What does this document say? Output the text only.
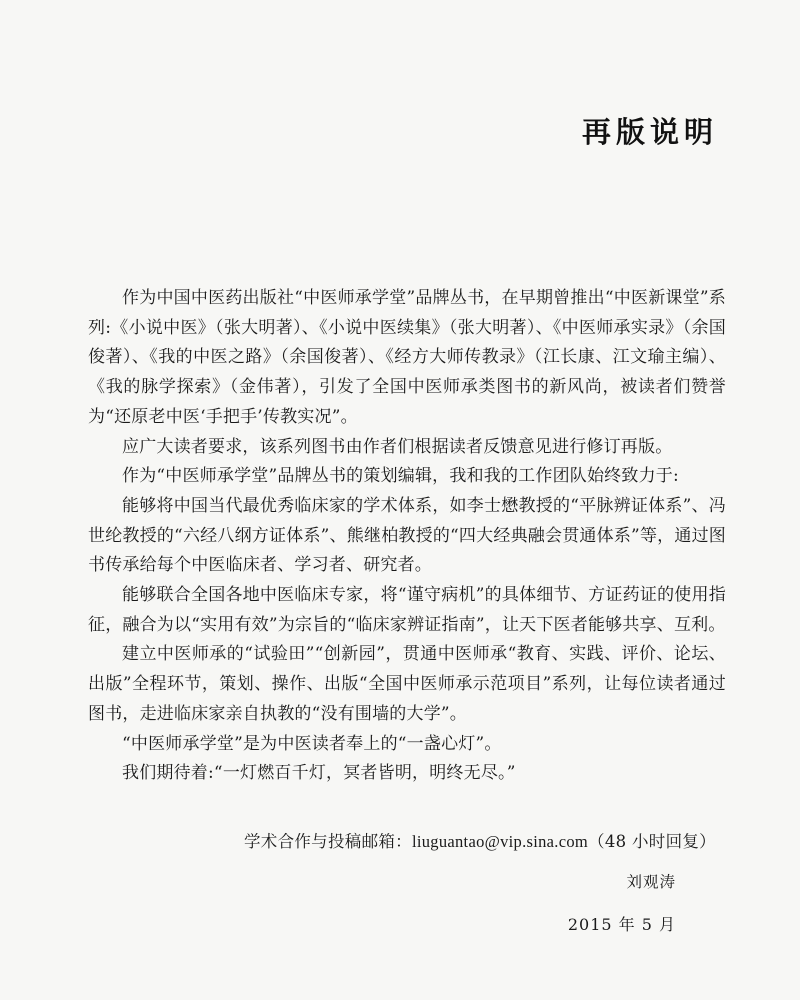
再版说明

作为中国中医药出版社“中医师承学堂”品牌丛书，在早期曾推出“中医新课堂”系列:《小说中医》（张大明著）、《小说中医续集》（张大明著）、《中医师承实录》（余国俊著）、《我的中医之路》（余国俊著）、《经方大师传教录》（江长康、江文瑜主编）、《我的脉学探索》（金伟著），引发了全国中医师承类图书的新风尚，被读者们赞誉为“还原老中医‘手把手’传教实况”。

应广大读者要求，该系列图书由作者们根据读者反馈意见进行修订再版。

作为“中医师承学堂”品牌丛书的策划编辑，我和我的工作团队始终致力于:

能够将中国当代最优秀临床家的学术体系，如李士懋教授的“平脉辨证体系”、冯世纶教授的“六经八纲方证体系”、熊继柏教授的“四大经典融会贯通体系”等，通过图书传承给每个中医临床者、学习者、研究者。

能够联合全国各地中医临床专家，将“谨守病机”的具体细节、方证药证的使用指征，融合为以“实用有效”为宗旨的“临床家辨证指南”，让天下医者能够共享、互利。

建立中医师承的“试验田”“创新园”，贯通中医师承“教育、实践、评价、论坛、出版”全程环节，策划、操作、出版“全国中医师承示范项目”系列，让每位读者通过图书，走进临床家亲自执教的“没有围墙的大学”。

“中医师承学堂”是为中医读者奉上的“一盏心灯”。

我们期待着:“一灯燃百千灯，冥者皆明，明终无尽。”

学术合作与投稿邮箱：liuguantao@vip.sina.com（48 小时回复）
刘观涛
2015 年 5 月
